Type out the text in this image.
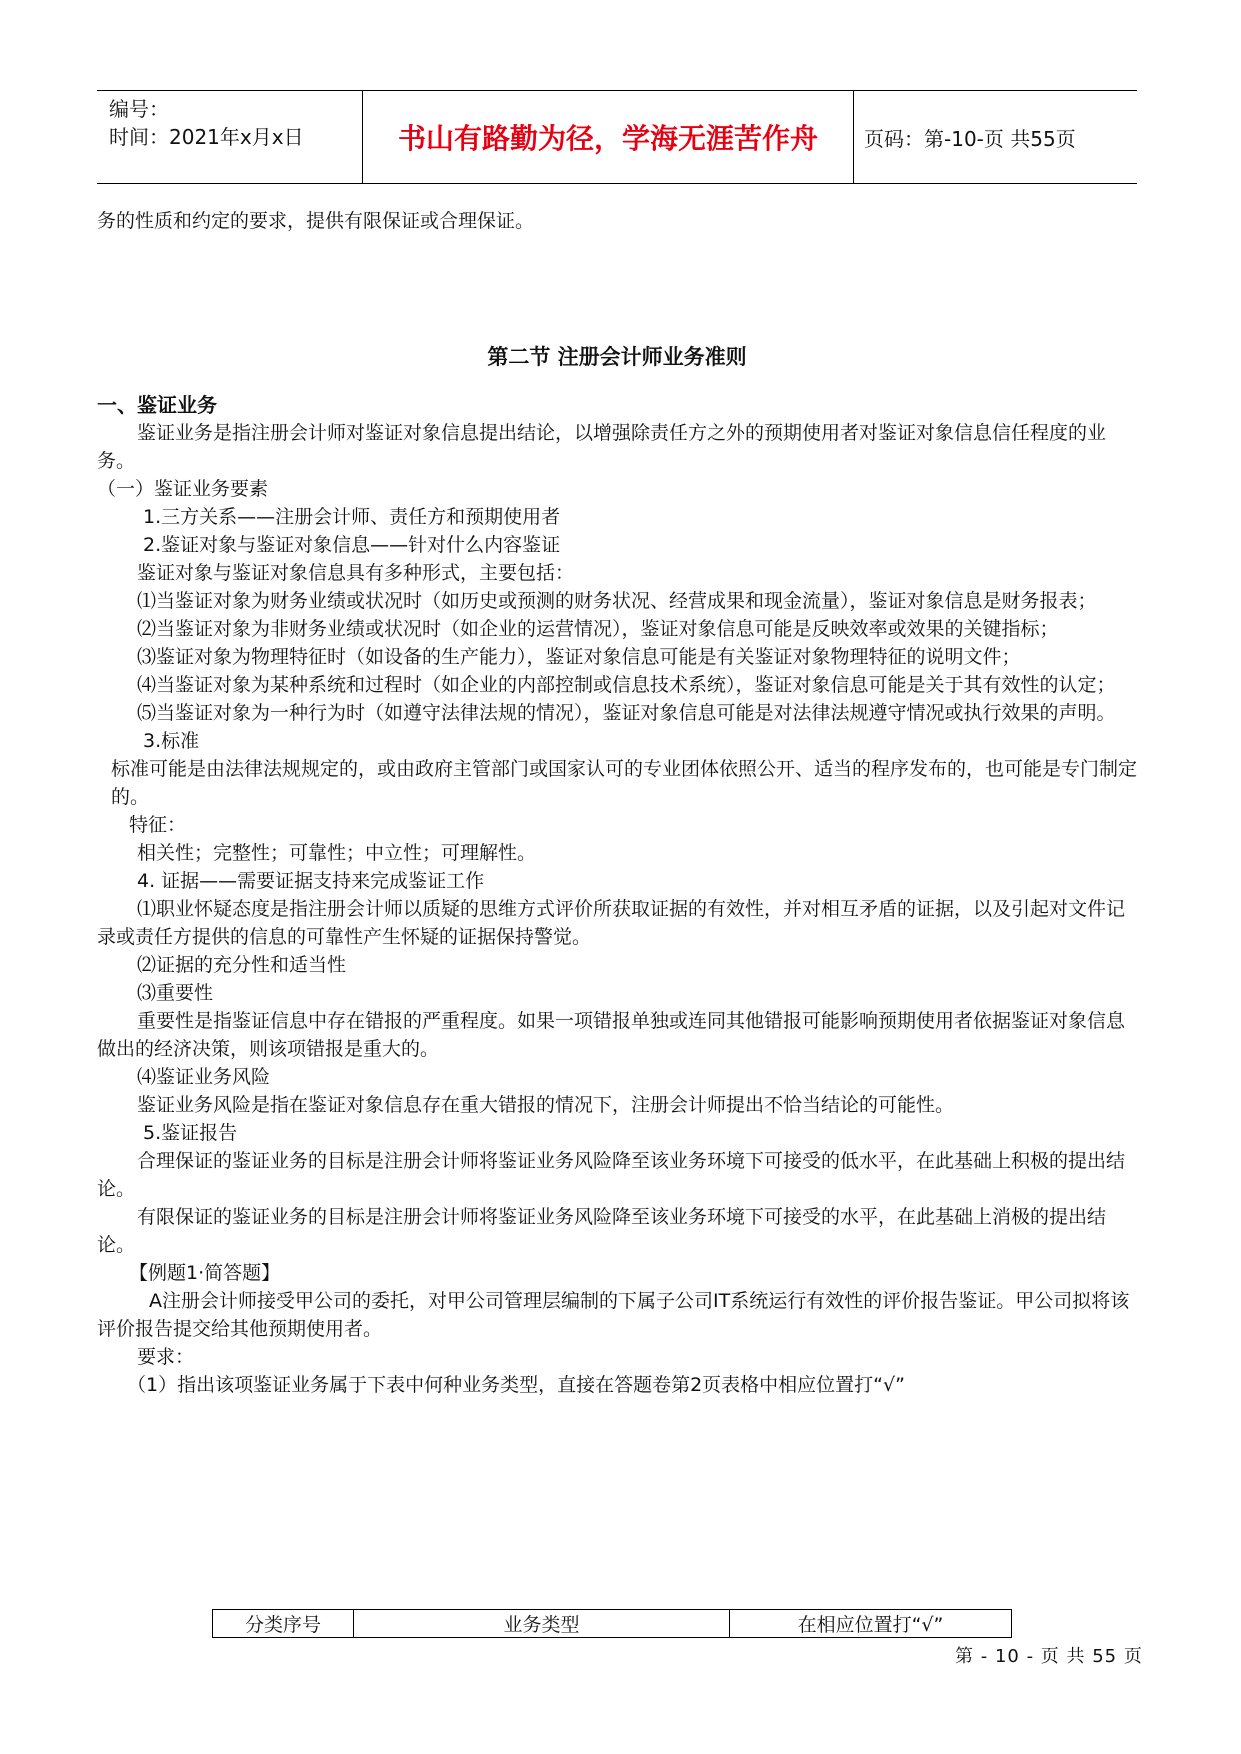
编号：
时间：2021年x月x日	书山有路勤为径，学海无涯苦作舟 页码：第-10-页 共55页

务的性质和约定的要求，提供有限保证或合理保证。

第二节 注册会计师业务准则

一、鉴证业务

鉴证业务是指注册会计师对鉴证对象信息提出结论，以增强除责任方之外的预期使用者对鉴证对象信息信任程度的业务。

（一）鉴证业务要素

1.三方关系——注册会计师、责任方和预期使用者

2.鉴证对象与鉴证对象信息——针对什么内容鉴证

鉴证对象与鉴证对象信息具有多种形式，主要包括：

⑴当鉴证对象为财务业绩或状况时（如历史或预测的财务状况、经营成果和现金流量），鉴证对象信息是财务报表；

⑵当鉴证对象为非财务业绩或状况时（如企业的运营情况），鉴证对象信息可能是反映效率或效果的关键指标；

⑶鉴证对象为物理特征时（如设备的生产能力），鉴证对象信息可能是有关鉴证对象物理特征的说明文件；

⑷当鉴证对象为某种系统和过程时（如企业的内部控制或信息技术系统），鉴证对象信息可能是关于其有效性的认定；

⑸当鉴证对象为一种行为时（如遵守法律法规的情况），鉴证对象信息可能是对法律法规遵守情况或执行效果的声明。

3.标准

标准可能是由法律法规规定的，或由政府主管部门或国家认可的专业团体依照公开、适当的程序发布的，也可能是专门制定的。

特征：

相关性；完整性；可靠性；中立性；可理解性。

4. 证据——需要证据支持来完成鉴证工作

⑴职业怀疑态度是指注册会计师以质疑的思维方式评价所获取证据的有效性，并对相互矛盾的证据，以及引起对文件记录或责任方提供的信息的可靠性产生怀疑的证据保持警觉。

⑵证据的充分性和适当性

⑶重要性

重要性是指鉴证信息中存在错报的严重程度。如果一项错报单独或连同其他错报可能影响预期使用者依据鉴证对象信息做出的经济决策，则该项错报是重大的。

⑷鉴证业务风险

鉴证业务风险是指在鉴证对象信息存在重大错报的情况下，注册会计师提出不恰当结论的可能性。

5.鉴证报告

合理保证的鉴证业务的目标是注册会计师将鉴证业务风险降至该业务环境下可接受的低水平，在此基础上积极的提出结论。

有限保证的鉴证业务的目标是注册会计师将鉴证业务风险降至该业务环境下可接受的水平，在此基础上消极的提出结论。

【例题1·简答题】

A注册会计师接受甲公司的委托，对甲公司管理层编制的下属子公司IT系统运行有效性的评价报告鉴证。甲公司拟将该评价报告提交给其他预期使用者。

要求：

（1）指出该项鉴证业务属于下表中何种业务类型，直接在答题卷第2页表格中相应位置打“√”

分类序号	业务类型	在相应位置打“√”
第 - 10 - 页 共 55 页
